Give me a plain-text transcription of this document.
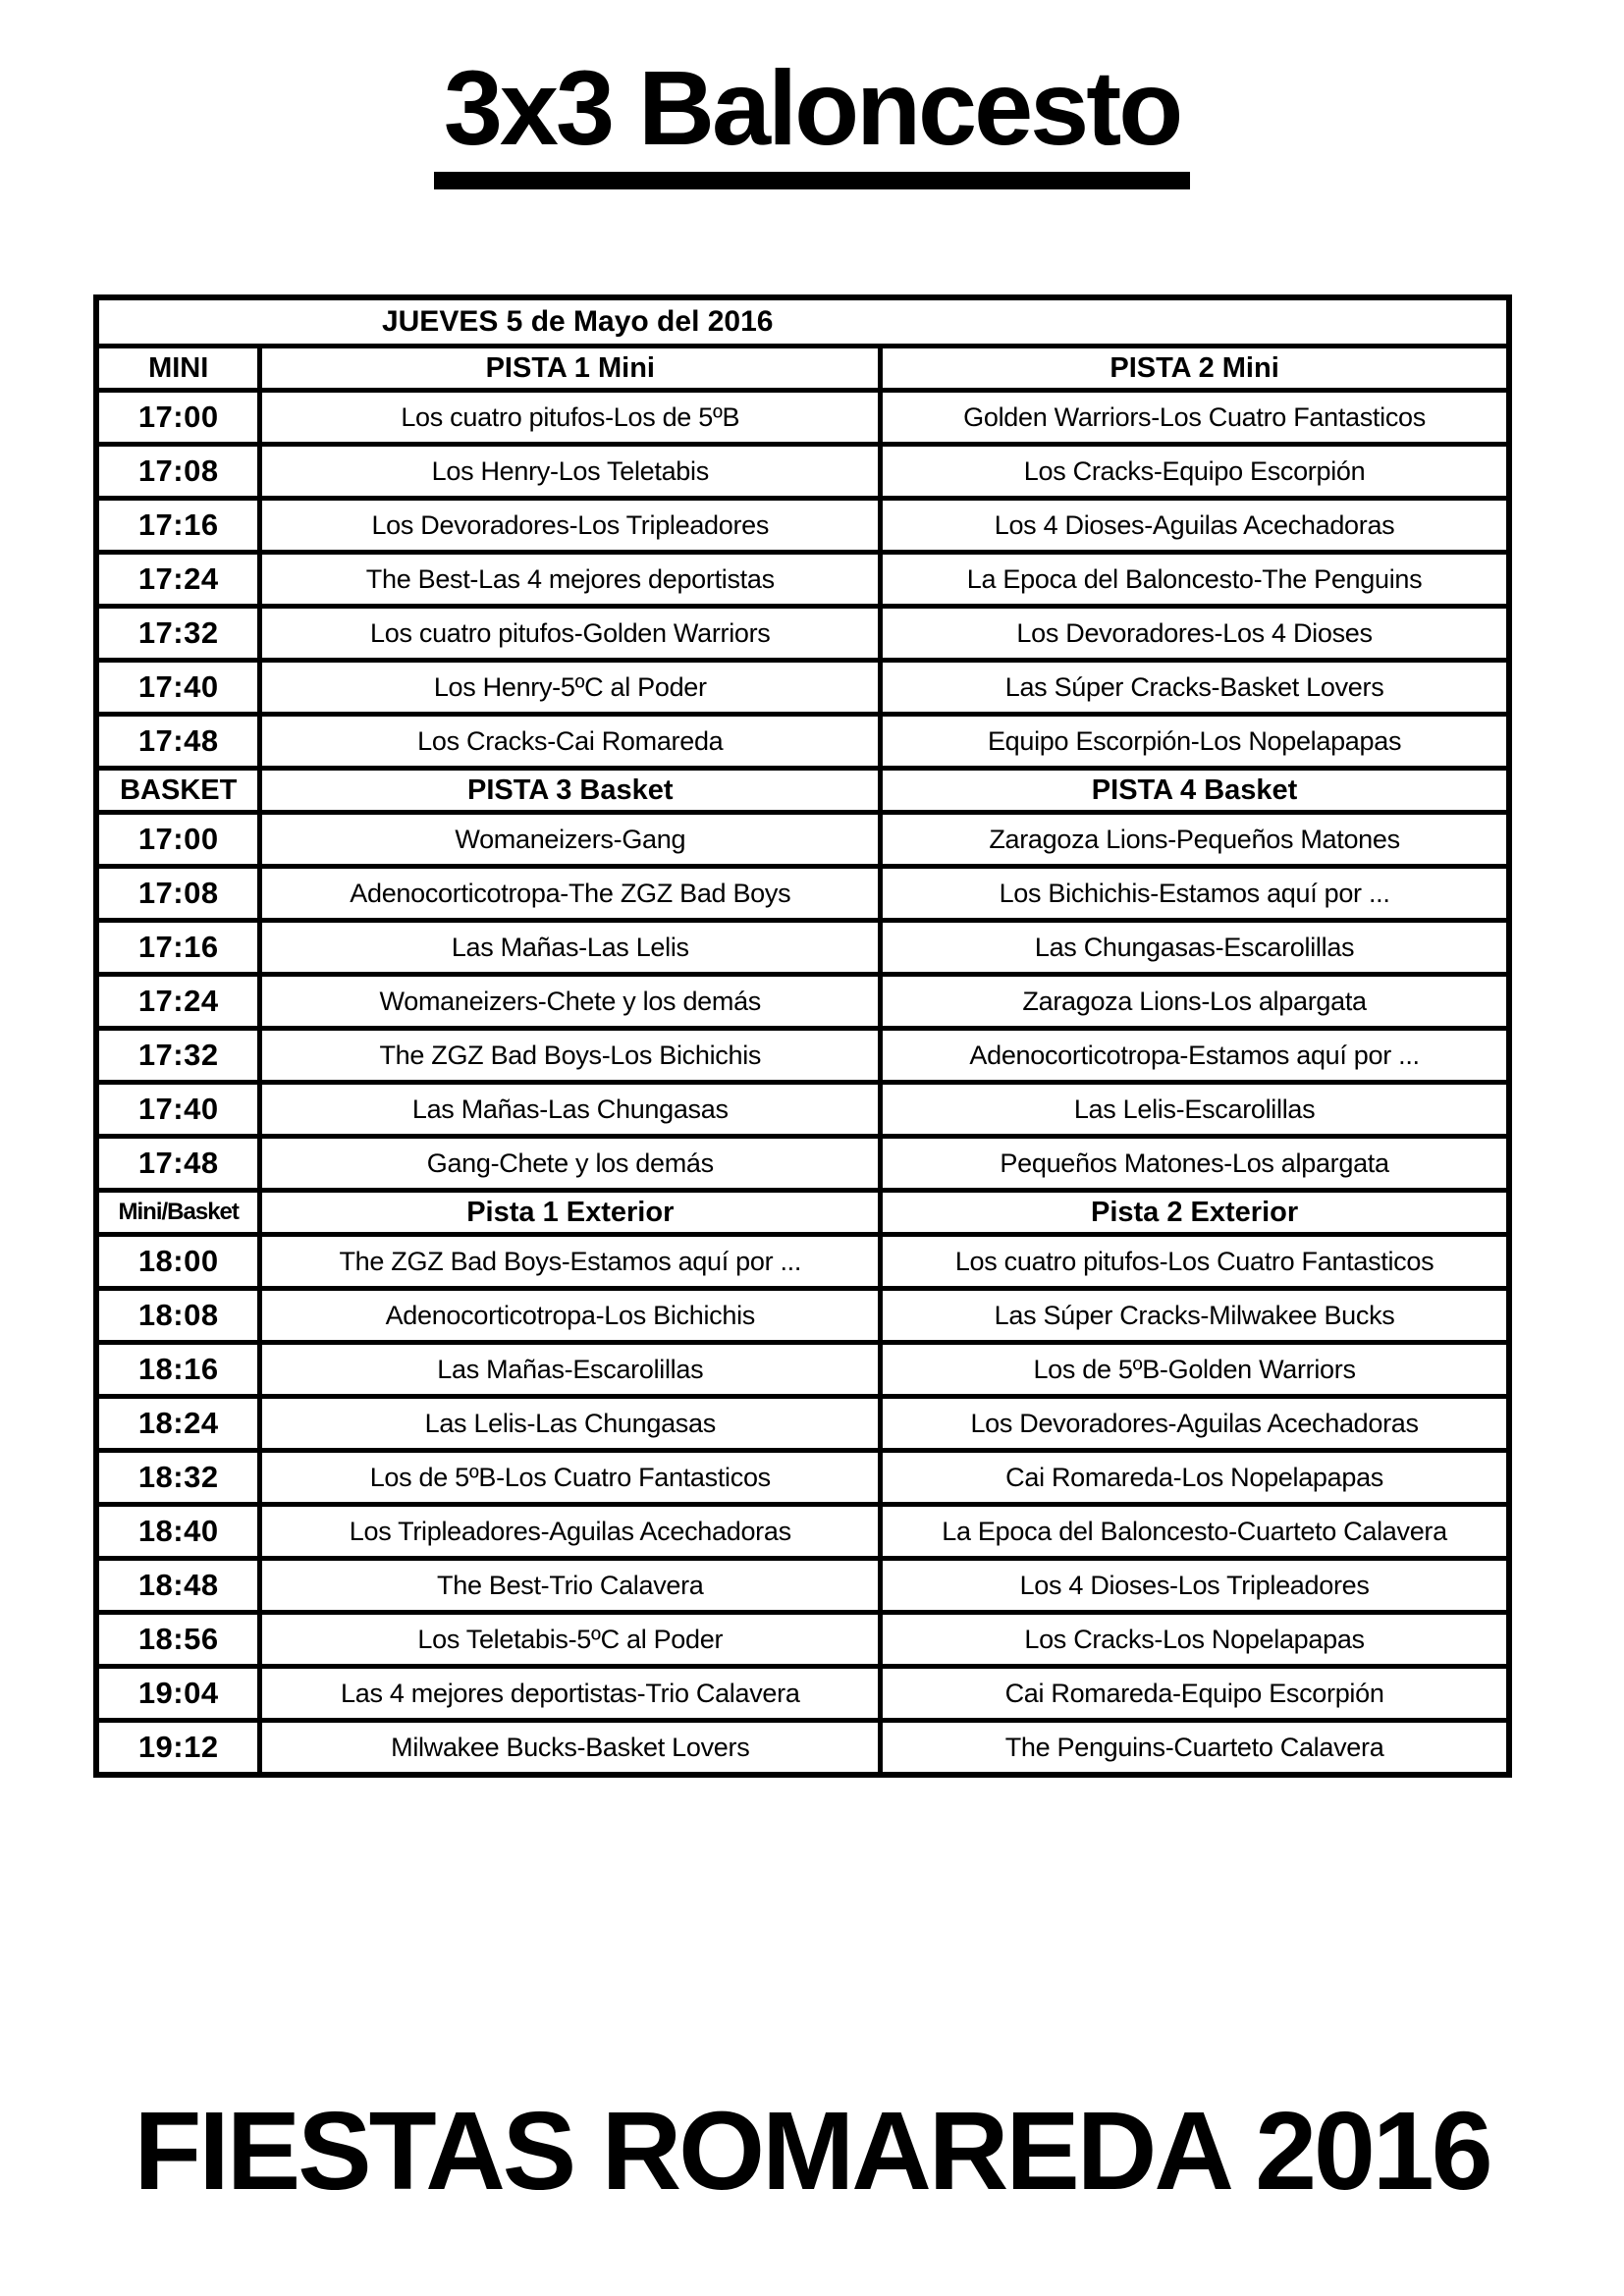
3x3 Baloncesto
JUEVES 5 de Mayo del 2016		

MINI	PISTA 1 Mini	PISTA 2 Mini
17:00	Los cuatro pitufos-Los de 5ºB	Golden Warriors-Los Cuatro Fantasticos
17:08	Los Henry-Los Teletabis	Los Cracks-Equipo Escorpión
17:16	Los Devoradores-Los Tripleadores	Los 4 Dioses-Aguilas Acechadoras
17:24	The Best-Las 4 mejores deportistas	La Epoca del Baloncesto-The Penguins
17:32	Los cuatro pitufos-Golden Warriors	Los Devoradores-Los 4 Dioses
17:40	Los Henry-5ºC al Poder	Las Súper Cracks-Basket Lovers
17:48	Los Cracks-Cai Romareda	Equipo Escorpión-Los Nopelapapas
BASKET	PISTA 3 Basket	PISTA 4 Basket
17:00	Womaneizers-Gang	Zaragoza Lions-Pequeños Matones
17:08	Adenocorticotropa-The ZGZ Bad Boys	Los Bichichis-Estamos aquí por ...
17:16	Las Mañas-Las Lelis	Las Chungasas-Escarolillas
17:24	Womaneizers-Chete y los demás	Zaragoza Lions-Los alpargata
17:32	The ZGZ Bad Boys-Los Bichichis	Adenocorticotropa-Estamos aquí por ...
17:40	Las Mañas-Las Chungasas	Las Lelis-Escarolillas
17:48	Gang-Chete y los demás	Pequeños Matones-Los alpargata
Mini/Basket	Pista 1 Exterior	Pista 2 Exterior
18:00	The ZGZ Bad Boys-Estamos aquí por ...	Los cuatro pitufos-Los Cuatro Fantasticos
18:08	Adenocorticotropa-Los Bichichis	Las Súper Cracks-Milwakee Bucks
18:16	Las Mañas-Escarolillas	Los de 5ºB-Golden Warriors
18:24	Las Lelis-Las Chungasas	Los Devoradores-Aguilas Acechadoras
18:32	Los de 5ºB-Los Cuatro Fantasticos	Cai Romareda-Los Nopelapapas
18:40	Los Tripleadores-Aguilas Acechadoras	La Epoca del Baloncesto-Cuarteto Calavera
18:48	The Best-Trio Calavera	Los 4 Dioses-Los Tripleadores
18:56	Los Teletabis-5ºC al Poder	Los Cracks-Los Nopelapapas
19:04	Las 4 mejores deportistas-Trio Calavera	Cai Romareda-Equipo Escorpión
19:12	Milwakee Bucks-Basket Lovers	The Penguins-Cuarteto Calavera
FIESTAS ROMAREDA 2016
